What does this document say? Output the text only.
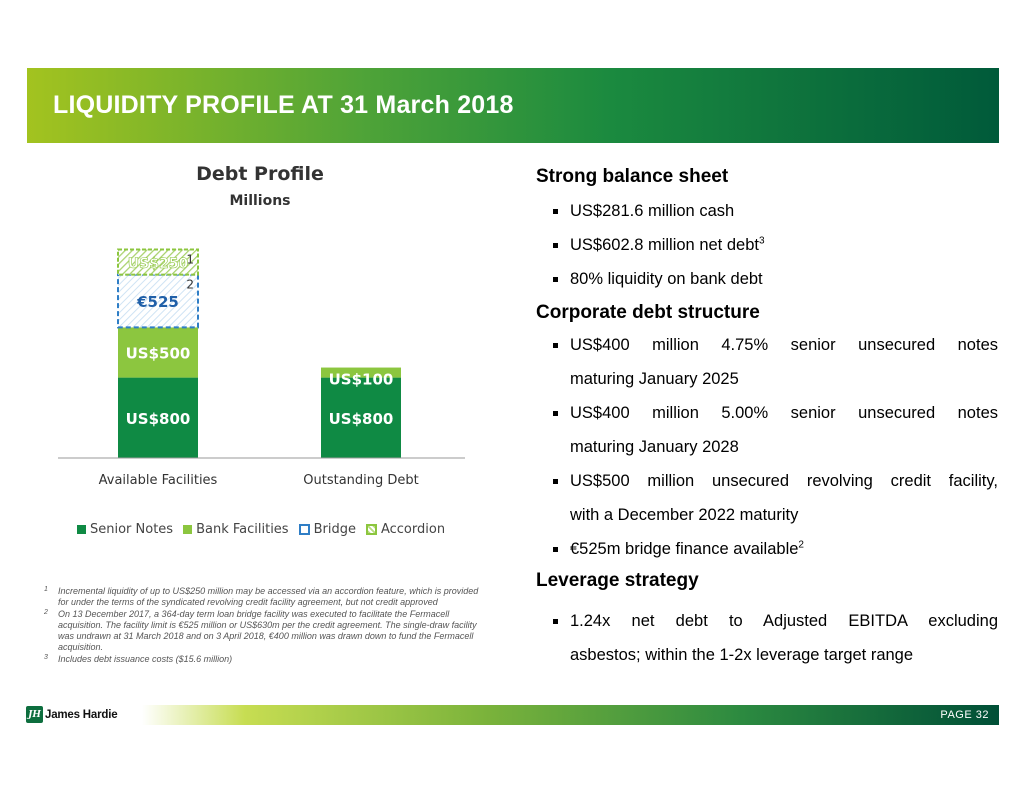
LIQUIDITY PROFILE AT 31 March 2018
Debt Profile
Millions
US$800
US$500
€525
2
US$250
1
Available Facilities
US$800
US$100
Outstanding Debt
Senior Notes Bank Facilities Bridge Accordion
1 Incremental liquidity of up to US$250 million may be accessed via an accordion feature, which is provided for under the terms of the syndicated revolving credit facility agreement, but not credit approved
2 On 13 December 2017, a 364-day term loan bridge facility was executed to facilitate the Fermacell acquisition. The facility limit is €525 million or US$630m per the credit agreement. The single-draw facility was undrawn at 31 March 2018 and on 3 April 2018, €400 million was drawn down to fund the Fermacell acquisition.
3 Includes debt issuance costs ($15.6 million)

Strong balance sheet

US$281.6 million cash
US$602.8 million net debt$^3$
80% liquidity on bank debt

Corporate debt structure

US$400 million 4.75% senior unsecured notes
maturing January 2025
US$400 million 5.00% senior unsecured notes
maturing January 2028
US$500 million unsecured revolving credit facility,
with a December 2022 maturity
€525m bridge finance available$^2$

Leverage strategy

1.24x net debt to Adjusted EBITDA excluding
asbestos; within the 1-2x leverage target range
JH James Hardie	PAGE 32
